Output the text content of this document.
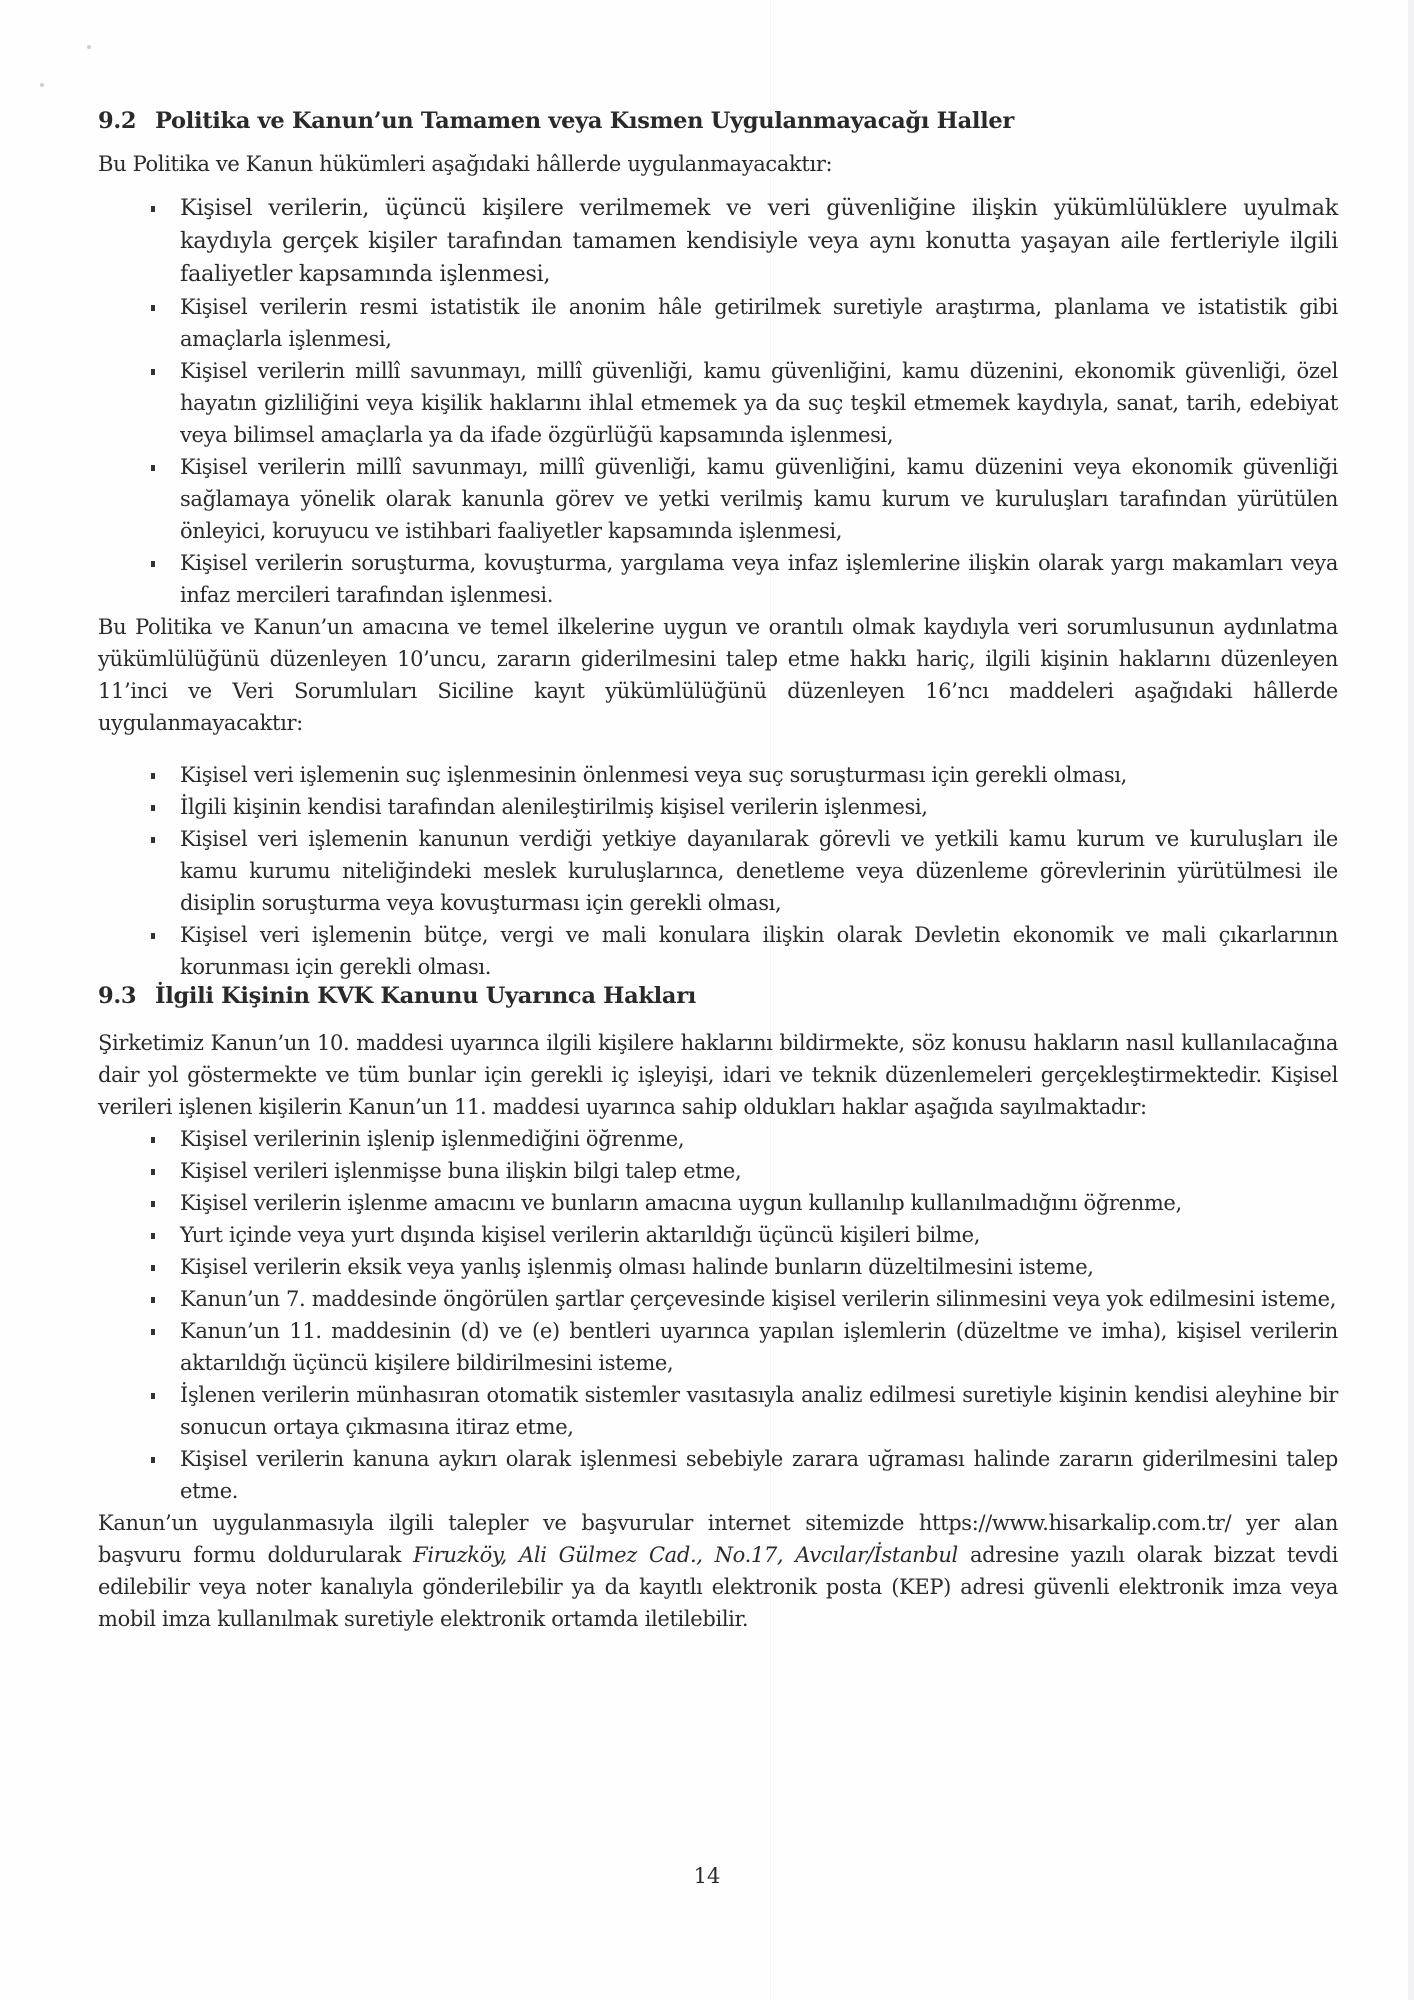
9.2 Politika ve Kanun’un Tamamen veya Kısmen Uygulanmayacağı Haller

Bu Politika ve Kanun hükümleri aşağıdaki hâllerde uygulanmayacaktır:

Kişisel verilerin, üçüncü kişilere verilmemek ve veri güvenliğine ilişkin yükümlülüklere uyulmak kaydıyla gerçek kişiler tarafından tamamen kendisiyle veya aynı konutta yaşayan aile fertleriyle ilgili faaliyetler kapsamında işlenmesi,
Kişisel verilerin resmi istatistik ile anonim hâle getirilmek suretiyle araştırma, planlama ve istatistik gibi amaçlarla işlenmesi,
Kişisel verilerin millî savunmayı, millî güvenliği, kamu güvenliğini, kamu düzenini, ekonomik güvenliği, özel hayatın gizliliğini veya kişilik haklarını ihlal etmemek ya da suç teşkil etmemek kaydıyla, sanat, tarih, edebiyat veya bilimsel amaçlarla ya da ifade özgürlüğü kapsamında işlenmesi,
Kişisel verilerin millî savunmayı, millî güvenliği, kamu güvenliğini, kamu düzenini veya ekonomik güvenliği sağlamaya yönelik olarak kanunla görev ve yetki verilmiş kamu kurum ve kuruluşları tarafından yürütülen önleyici, koruyucu ve istihbari faaliyetler kapsamında işlenmesi,
Kişisel verilerin soruşturma, kovuşturma, yargılama veya infaz işlemlerine ilişkin olarak yargı makamları veya infaz mercileri tarafından işlenmesi.

Bu Politika ve Kanun’un amacına ve temel ilkelerine uygun ve orantılı olmak kaydıyla veri sorumlusunun aydınlatma yükümlülüğünü düzenleyen 10’uncu, zararın giderilmesini talep etme hakkı hariç, ilgili kişinin haklarını düzenleyen 11’inci ve Veri Sorumluları Siciline kayıt yükümlülüğünü düzenleyen 16’ncı maddeleri aşağıdaki hâllerde uygulanmayacaktır:

Kişisel veri işlemenin suç işlenmesinin önlenmesi veya suç soruşturması için gerekli olması,
İlgili kişinin kendisi tarafından alenileştirilmiş kişisel verilerin işlenmesi,
Kişisel veri işlemenin kanunun verdiği yetkiye dayanılarak görevli ve yetkili kamu kurum ve kuruluşları ile kamu kurumu niteliğindeki meslek kuruluşlarınca, denetleme veya düzenleme görevlerinin yürütülmesi ile disiplin soruşturma veya kovuşturması için gerekli olması,
Kişisel veri işlemenin bütçe, vergi ve mali konulara ilişkin olarak Devletin ekonomik ve mali çıkarlarının korunması için gerekli olması.
9.3 İlgili Kişinin KVK Kanunu Uyarınca Hakları

Şirketimiz Kanun’un 10. maddesi uyarınca ilgili kişilere haklarını bildirmekte, söz konusu hakların nasıl kullanılacağına dair yol göstermekte ve tüm bunlar için gerekli iç işleyişi, idari ve teknik düzenlemeleri gerçekleştirmektedir. Kişisel verileri işlenen kişilerin Kanun’un 11. maddesi uyarınca sahip oldukları haklar aşağıda sayılmaktadır:

Kişisel verilerinin işlenip işlenmediğini öğrenme,
Kişisel verileri işlenmişse buna ilişkin bilgi talep etme,
Kişisel verilerin işlenme amacını ve bunların amacına uygun kullanılıp kullanılmadığını öğrenme,
Yurt içinde veya yurt dışında kişisel verilerin aktarıldığı üçüncü kişileri bilme,
Kişisel verilerin eksik veya yanlış işlenmiş olması halinde bunların düzeltilmesini isteme,
Kanun’un 7. maddesinde öngörülen şartlar çerçevesinde kişisel verilerin silinmesini veya yok edilmesini isteme,
Kanun’un 11. maddesinin (d) ve (e) bentleri uyarınca yapılan işlemlerin (düzeltme ve imha), kişisel verilerin aktarıldığı üçüncü kişilere bildirilmesini isteme,
İşlenen verilerin münhasıran otomatik sistemler vasıtasıyla analiz edilmesi suretiyle kişinin kendisi aleyhine bir sonucun ortaya çıkmasına itiraz etme,
Kişisel verilerin kanuna aykırı olarak işlenmesi sebebiyle zarara uğraması halinde zararın giderilmesini talep etme.

Kanun’un uygulanmasıyla ilgili talepler ve başvurular internet sitemizde https://www.hisarkalip.com.tr/ yer alan başvuru formu doldurularak Firuzköy, Ali Gülmez Cad., No.17, Avcılar/İstanbul adresine yazılı olarak bizzat tevdi edilebilir veya noter kanalıyla gönderilebilir ya da kayıtlı elektronik posta (KEP) adresi güvenli elektronik imza veya mobil imza kullanılmak suretiyle elektronik ortamda iletilebilir.

14
